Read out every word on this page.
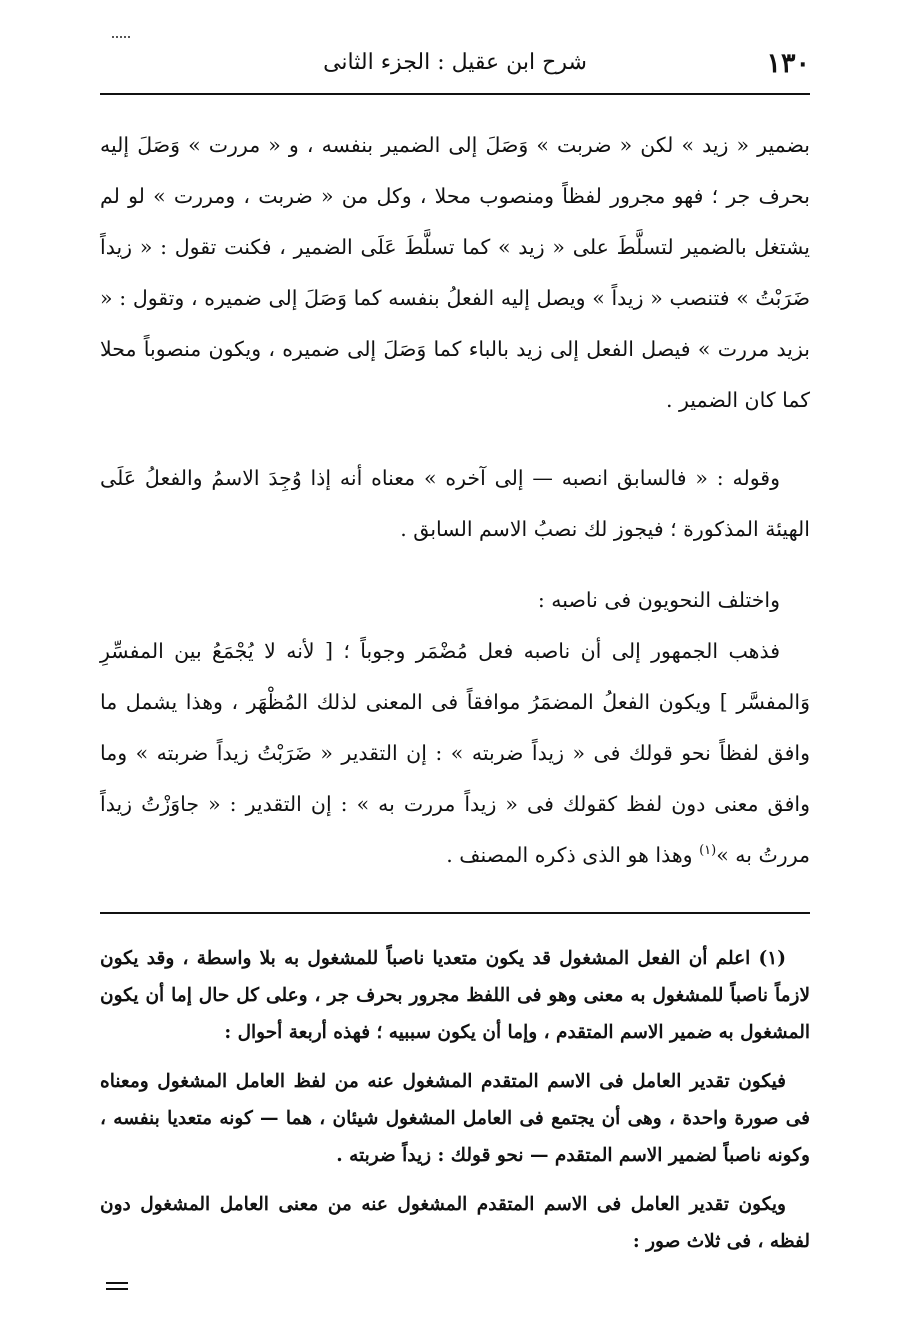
١٣٠
شرح ابن عقيل : الجزء الثانى

بضمير « زيد » لكن « ضربت » وَصَلَ إلى الضمير بنفسه ، و « مررت » وَصَلَ إليه بحرف جر ؛ فهو مجرور لفظاً ومنصوب محلا ، وكل من « ضربت ، ومررت » لو لم يشتغل بالضمير لتسلَّطَ على « زيد » كما تسلَّطَ عَلَى الضمير ، فكنت تقول : « زيداً ضَرَبْتُ » فتنصب « زيداً » ويصل إليه الفعلُ بنفسه كما وَصَلَ إلى ضميره ، وتقول : « بزيد مررت » فيصل الفعل إلى زيد بالباء كما وَصَلَ إلى ضميره ، ويكون منصوباً محلا كما كان الضمير .

وقوله : « فالسابق انصبه — إلى آخره » معناه أنه إذا وُجِدَ الاسمُ والفعلُ عَلَى الهيئة المذكورة ؛ فيجوز لك نصبُ الاسم السابق .

واختلف النحويون فى ناصبه :

فذهب الجمهور إلى أن ناصبه فعل مُضْمَر وجوباً ؛ [ لأنه لا يُجْمَعُ بين المفسِّرِ وَالمفسَّر ] ويكون الفعلُ المضمَرُ موافقاً فى المعنى لذلك المُظْهَر ، وهذا يشمل ما وافق لفظاً نحو قولك فى « زيداً ضربته » : إن التقدير « ضَرَبْتُ زيداً ضربته » وما وافق معنى دون لفظ كقولك فى « زيداً مررت به » : إن التقدير : « جاوَزْتُ زيداً مررتُ به »$^{(١)}$ وهذا هو الذى ذكره المصنف .

(١) اعلم أن الفعل المشغول قد يكون متعديا ناصباً للمشغول به بلا واسطة ، وقد يكون لازماً ناصباً للمشغول به معنى وهو فى اللفظ مجرور بحرف جر ، وعلى كل حال إما أن يكون المشغول به ضمير الاسم المتقدم ، وإما أن يكون سببيه ؛ فهذه أربعة أحوال :

فيكون تقدير العامل فى الاسم المتقدم المشغول عنه من لفظ العامل المشغول ومعناه فى صورة واحدة ، وهى أن يجتمع فى العامل المشغول شيئان ، هما — كونه متعديا بنفسه ، وكونه ناصباً لضمير الاسم المتقدم — نحو قولك : زيداً ضربته .

ويكون تقدير العامل فى الاسم المتقدم المشغول عنه من معنى العامل المشغول دون لفظه ، فى ثلاث صور :
